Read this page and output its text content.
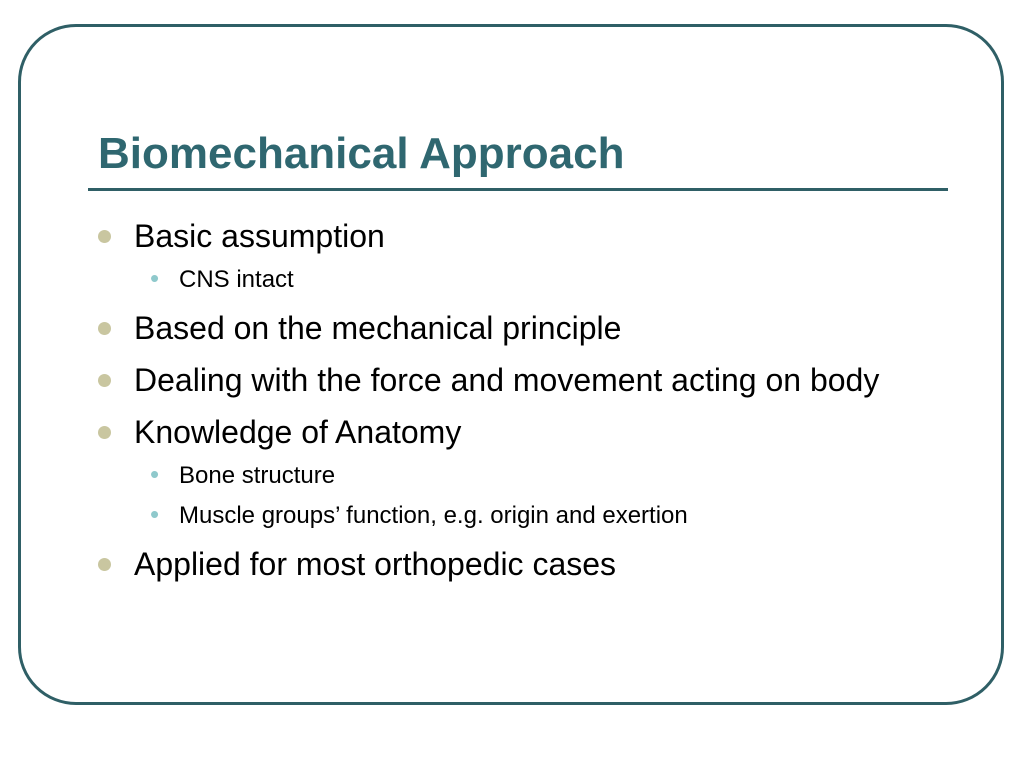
Biomechanical Approach
Basic assumption
• CNS intact
Based on the mechanical principle
Dealing with the force and movement acting on body
Knowledge of Anatomy
• Bone structure
• Muscle groups’ function, e.g. origin and exertion
Applied for most orthopedic cases
